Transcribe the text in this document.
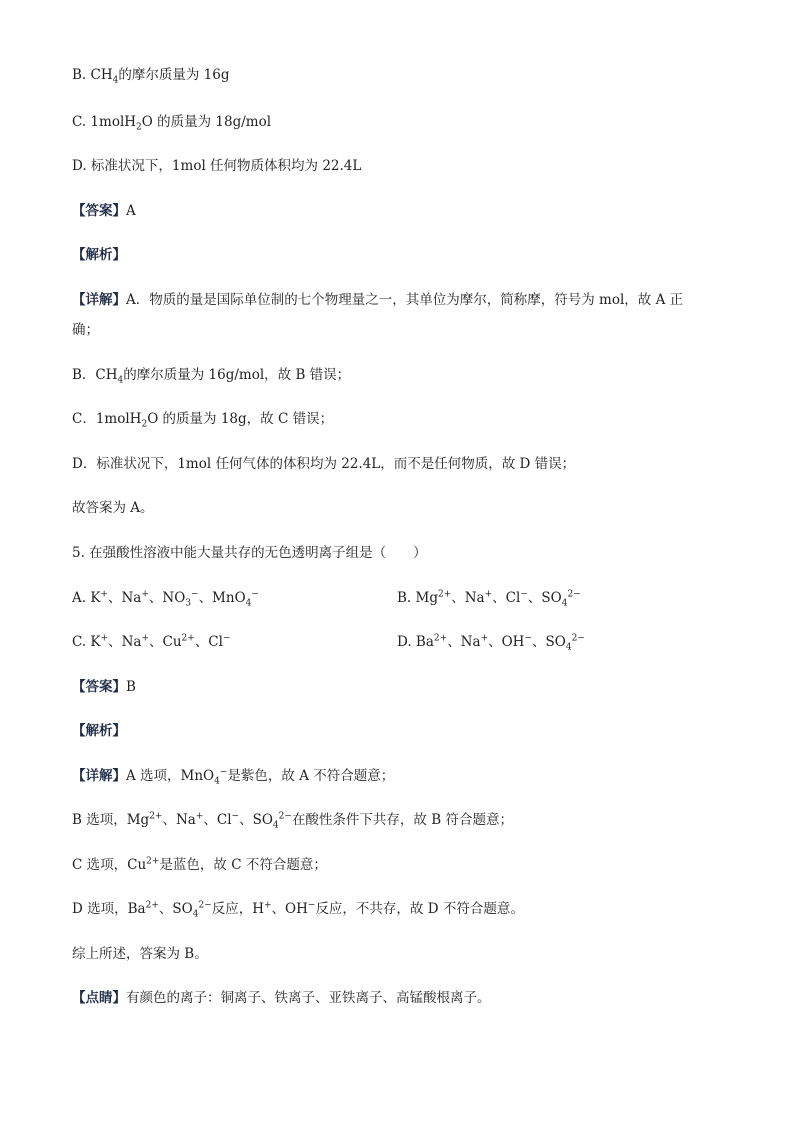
B. $CH_4$的摩尔质量为 16g
C. 1molH$_2$O 的质量为 18g/mol
D. 标准状况下，1mol 任何物质体积均为 22.4L
【答案】A
【解析】
【详解】A．物质的量是国际单位制的七个物理量之一，其单位为摩尔，简称摩，符号为 mol，故 A 正
确；
B．$CH_4$的摩尔质量为 16g/mol，故 B 错误；
C．1molH$_2$O 的质量为 18g，故 C 错误；
D．标准状况下，1mol 任何气体的体积均为 22.4L，而不是任何物质，故 D 错误；
故答案为 A。
5. 在强酸性溶液中能大量共存的无色透明离子组是（　　）
A. K+、Na+、$NO_3^-$、MnO$_4$−	B. $Mg^{2+}$、Na+、Cl−、$SO_4^{2-}$
C. K+、Na+、$Cu^{2+}$、Cl−	D. $Ba^{2+}$、Na+、OH−、$SO_4^{2-}$
【答案】B
【解析】
【详解】A 选项，MnO$_4$−是紫色，故 A 不符合题意；
B 选项，$Mg^{2+}$、Na+、Cl−、$SO_4^{2-}$在酸性条件下共存，故 B 符合题意；
C 选项，$Cu^{2+}$是蓝色，故 C 不符合题意；
D 选项，$Ba^{2+}$、$SO_4^{2-}$反应，H+、OH−反应，不共存，故 D 不符合题意。
综上所述，答案为 B。
【点睛】有颜色的离子：铜离子、铁离子、亚铁离子、高锰酸根离子。
